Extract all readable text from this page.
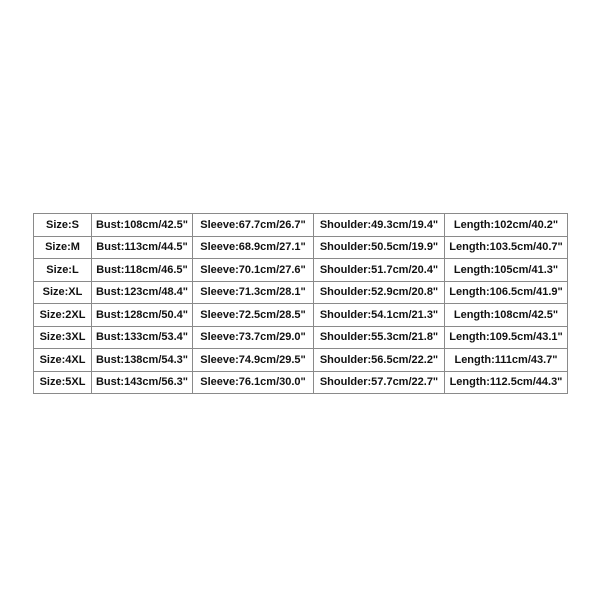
Size:S	Bust:108cm/42.5"	Sleeve:67.7cm/26.7"	Shoulder:49.3cm/19.4"	Length:102cm/40.2"
Size:M	Bust:113cm/44.5"	Sleeve:68.9cm/27.1"	Shoulder:50.5cm/19.9"	Length:103.5cm/40.7"
Size:L	Bust:118cm/46.5"	Sleeve:70.1cm/27.6"	Shoulder:51.7cm/20.4"	Length:105cm/41.3"
Size:XL	Bust:123cm/48.4"	Sleeve:71.3cm/28.1"	Shoulder:52.9cm/20.8"	Length:106.5cm/41.9"
Size:2XL	Bust:128cm/50.4"	Sleeve:72.5cm/28.5"	Shoulder:54.1cm/21.3"	Length:108cm/42.5"
Size:3XL	Bust:133cm/53.4"	Sleeve:73.7cm/29.0"	Shoulder:55.3cm/21.8"	Length:109.5cm/43.1"
Size:4XL	Bust:138cm/54.3"	Sleeve:74.9cm/29.5"	Shoulder:56.5cm/22.2"	Length:111cm/43.7"
Size:5XL	Bust:143cm/56.3"	Sleeve:76.1cm/30.0"	Shoulder:57.7cm/22.7"	Length:112.5cm/44.3"
